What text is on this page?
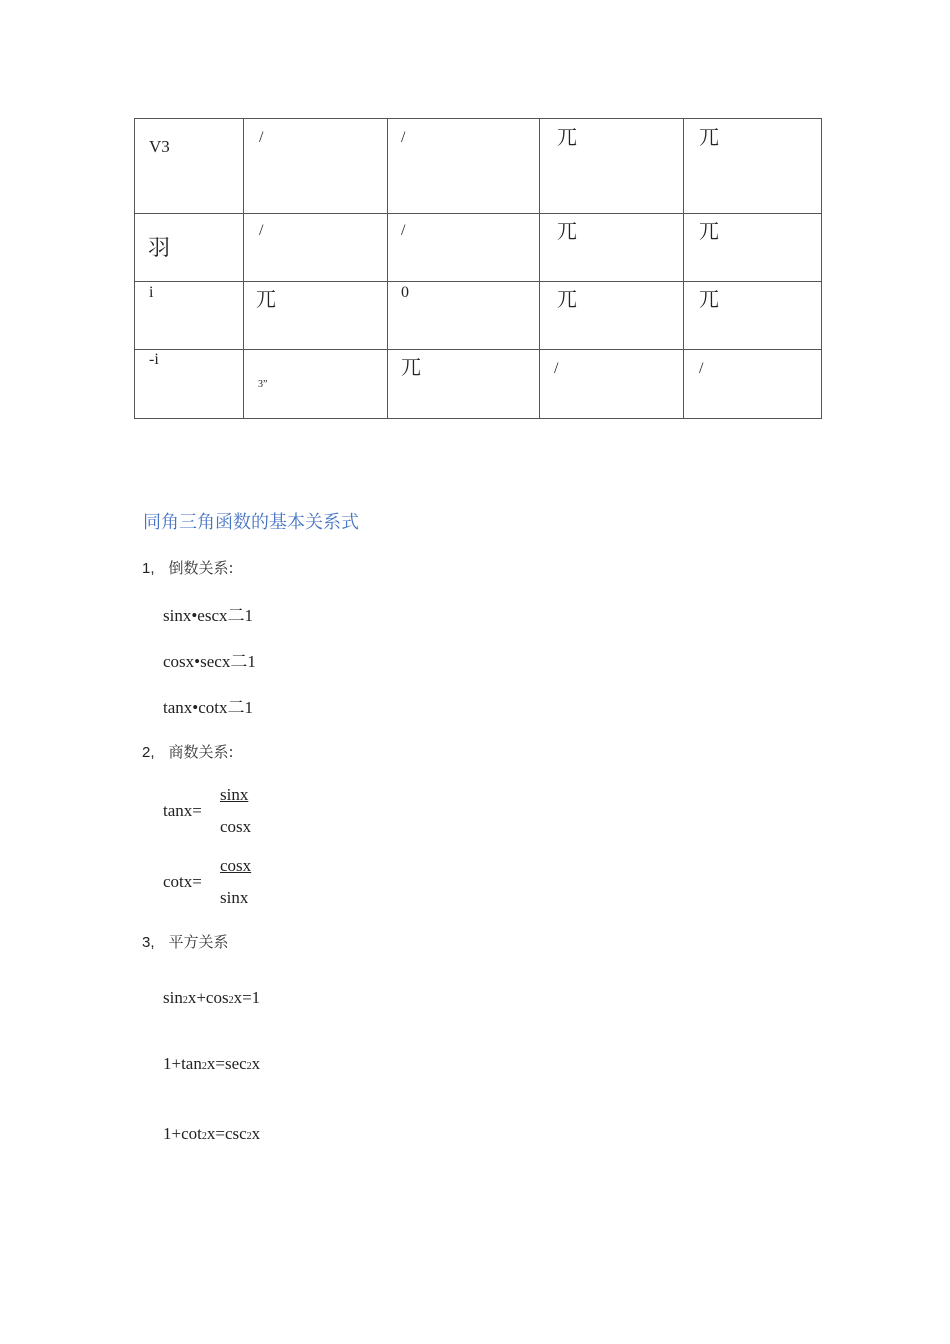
V3	/	/	兀	兀

羽	/	/	兀	兀

i	兀	0	兀	兀

-i	3”	兀	/	/
同角三角函数的基本关系式
1, 倒数关系:
sinx•escx二1
cosx•secx二1
tanx•cotx二1
2, 商数关系:
tanx=
sinx
cosx
cotx=
cosx
sinx
3, 平方关系
sin2x+cos2x=1
1+tan2x=sec2x
1+cot2x=csc2x
